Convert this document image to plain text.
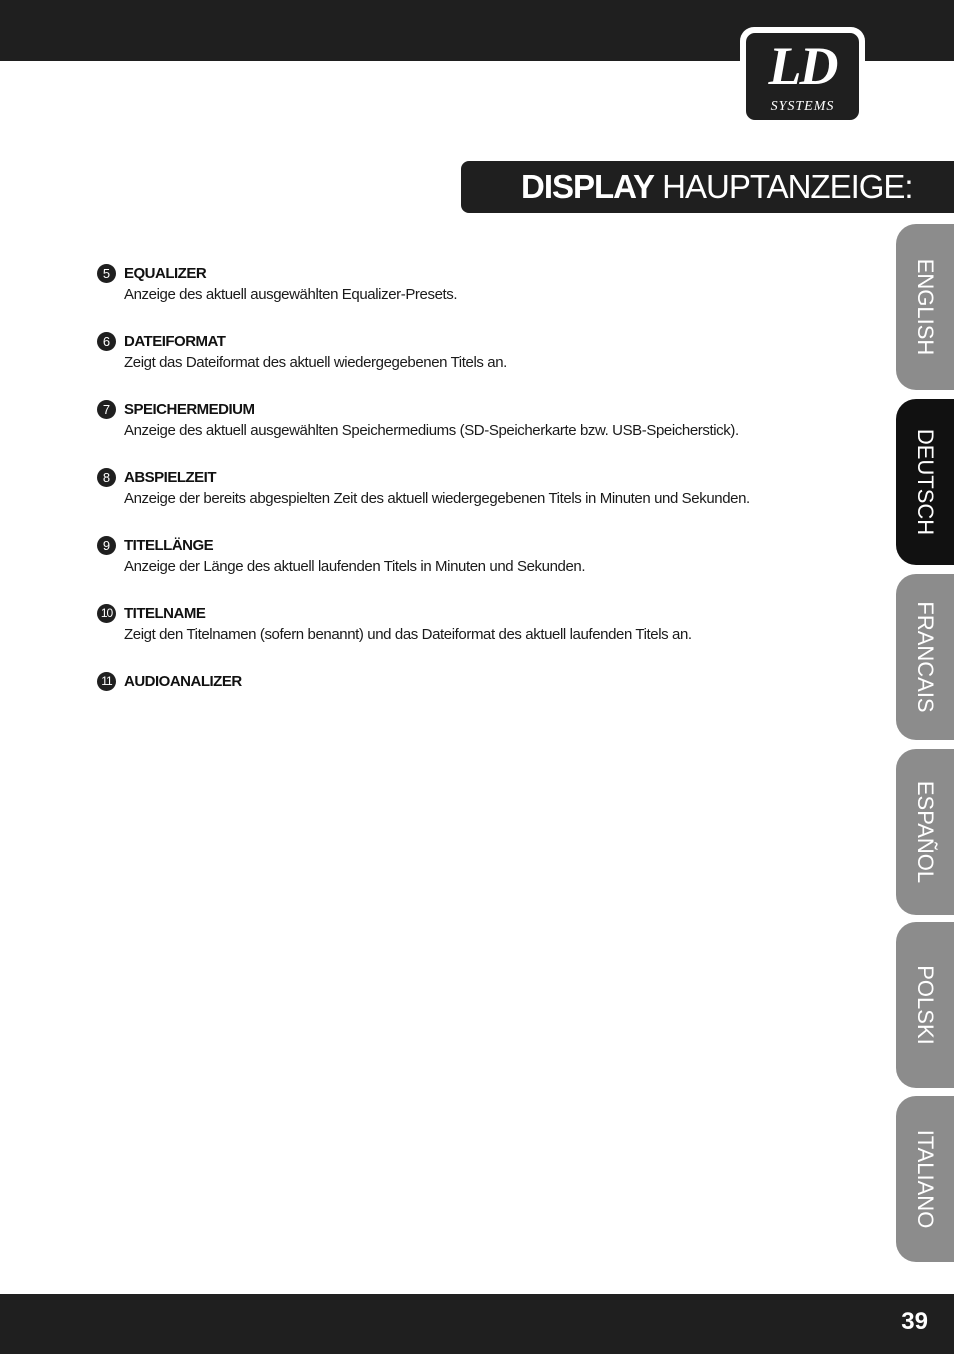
LD
SYSTEMS
DISPLAY HAUPTANZEIGE:
ENGLISH
DEUTSCH
FRANCAIS
ESPAÑOL
POLSKI
ITALIANO
5 EQUALIZER
Anzeige des aktuell ausgewählten Equalizer-Presets.
6 DATEIFORMAT
Zeigt das Dateiformat des aktuell wiedergegebenen Titels an.
7 SPEICHERMEDIUM
Anzeige des aktuell ausgewählten Speichermediums (SD-Speicherkarte bzw. USB-Speicherstick).
8 ABSPIELZEIT
Anzeige der bereits abgespielten Zeit des aktuell wiedergegebenen Titels in Minuten und Sekunden.
9 TITELLÄNGE
Anzeige der Länge des aktuell laufenden Titels in Minuten und Sekunden.
10 TITELNAME
Zeigt den Titelnamen (sofern benannt) und das Dateiformat des aktuell laufenden Titels an.
11 AUDIOANALIZER
39
